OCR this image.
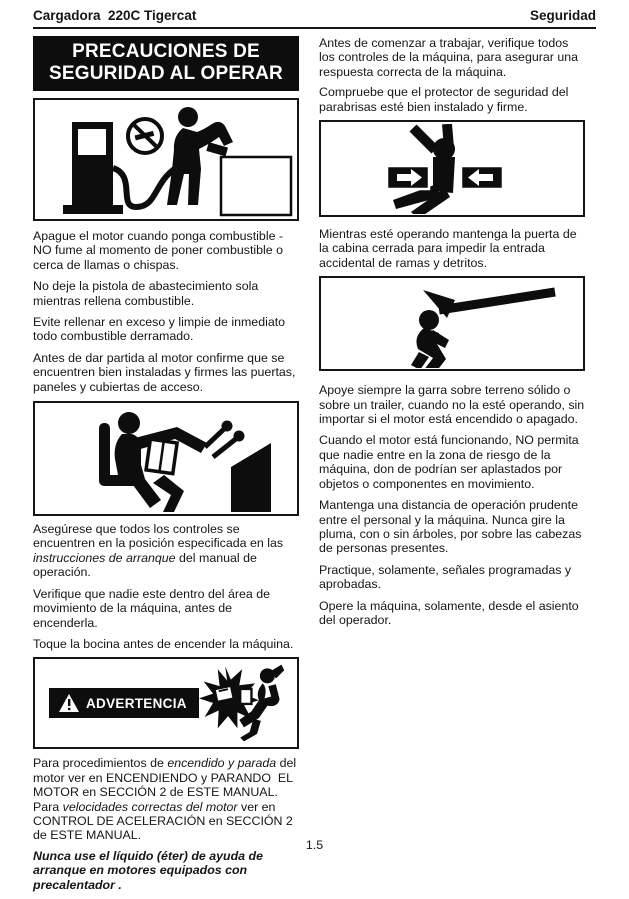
Cargadora  220C Tigercat	Seguridad
PRECAUCIONES DE
SEGURIDAD AL OPERAR

Apague el motor cuando ponga combustible - NO fume al momento de poner combustible o cerca de llamas o chispas.

No deje la pistola de abastecimiento sola mientras rellena combustible.

Evite rellenar en exceso y limpie de inmediato todo combustible derramado.

Antes de dar partida al motor confirme que se encuentren bien instaladas y firmes las puertas, paneles y cubiertas de acceso.

Asegúrese que todos los controles se encuentren en la posición especificada en las instrucciones de arranque del manual de operación.

Verifique que nadie este dentro del área de movimiento de la máquina, antes de encenderla.

Toque la bocina antes de encender la máquina.

ADVERTENCIA

Para procedimientos de encendido y parada del motor ver en ENCENDIENDO y PARANDO  EL MOTOR en SECCIÓN 2 de ESTE MANUAL.  Para velocidades correctas del motor ver en CONTROL DE ACELERACIÓN en SECCIÓN 2 de ESTE MANUAL.

Nunca use el líquido (éter) de ayuda de arranque en motores equipados con precalentador .

Antes de comenzar a trabajar, verifique todos los controles de la máquina, para asegurar una respuesta correcta de la máquina.

Compruebe que el protector de seguridad del parabrisas esté bien instalado y firme.

Mientras esté operando mantenga la puerta de la cabina cerrada para impedir la entrada accidental de ramas y detritos.

Apoye siempre la garra sobre terreno sólido o sobre un trailer, cuando no la esté operando, sin importar si el motor está encendido o apagado.

Cuando el motor está funcionando, NO permita que nadie entre en la zona de riesgo de la máquina, don de podrían ser aplastados por objetos o componentes en movimiento.

Mantenga una distancia de operación prudente entre el personal y la máquina. Nunca gire la pluma, con o sin árboles, por sobre las cabezas de personas presentes.

Practique, solamente, señales programadas y aprobadas.

Opere la máquina, solamente, desde el asiento del operador.

1.5
